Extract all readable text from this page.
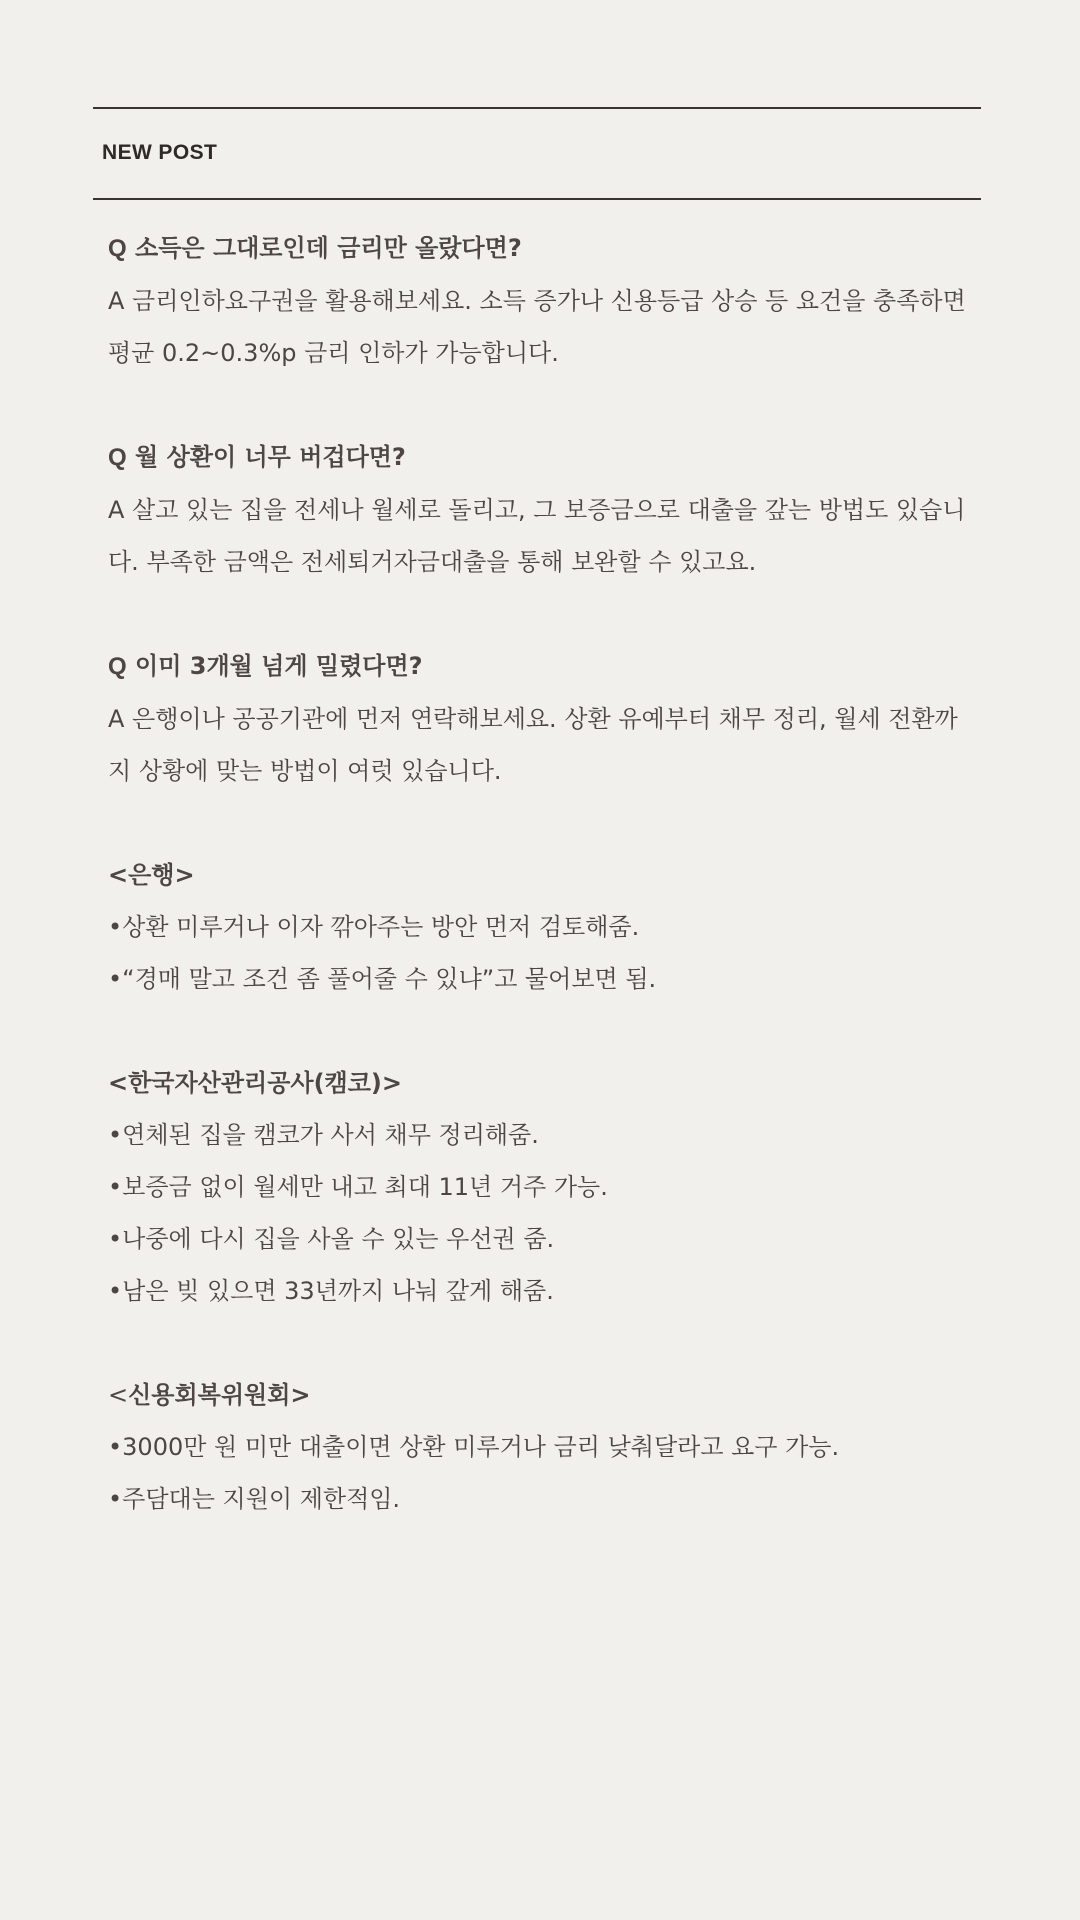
NEW POST
Q 소득은 그대로인데 금리만 올랐다면?
A 금리인하요구권을 활용해보세요. 소득 증가나 신용등급 상승 등 요건을 충족하면
평균 0.2~0.3%p 금리 인하가 가능합니다.
Q 월 상환이 너무 버겁다면?
A 살고 있는 집을 전세나 월세로 돌리고, 그 보증금으로 대출을 갚는 방법도 있습니
다. 부족한 금액은 전세퇴거자금대출을 통해 보완할 수 있고요.
Q 이미 3개월 넘게 밀렸다면?
A 은행이나 공공기관에 먼저 연락해보세요. 상환 유예부터 채무 정리, 월세 전환까
지 상황에 맞는 방법이 여럿 있습니다.
<은행>
•상환 미루거나 이자 깎아주는 방안 먼저 검토해줌.
•“경매 말고 조건 좀 풀어줄 수 있냐”고 물어보면 됨.
<한국자산관리공사(캠코)>
•연체된 집을 캠코가 사서 채무 정리해줌.
•보증금 없이 월세만 내고 최대 11년 거주 가능.
•나중에 다시 집을 사올 수 있는 우선권 줌.
•남은 빚 있으면 33년까지 나눠 갚게 해줌.
<신용회복위원회>
•3000만 원 미만 대출이면 상환 미루거나 금리 낮춰달라고 요구 가능.
•주담대는 지원이 제한적임.
